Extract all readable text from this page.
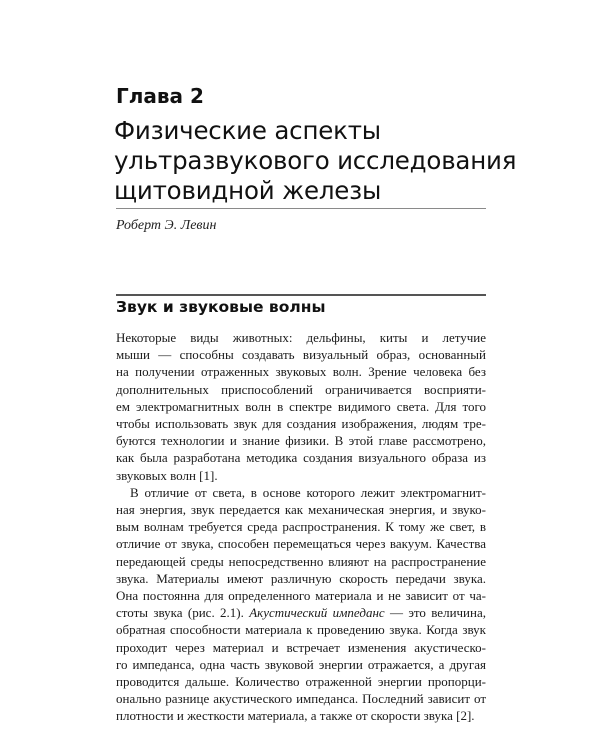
Глава 2
Физические аспекты
ультразвукового исследования
щитовидной железы
Роберт Э. Левин
Звук и звуковые волны
Некоторые виды животных: дельфины, киты и летучие
мыши — способны создавать визуальный образ, основанный
на получении отраженных звуковых волн. Зрение человека без
дополнительных приспособлений ограничивается восприяти-
ем электромагнитных волн в спектре видимого света. Для того
чтобы использовать звук для создания изображения, людям тре-
буются технологии и знание физики. В этой главе рассмотрено,
как была разработана методика создания визуального образа из
звуковых волн [1].
В отличие от света, в основе которого лежит электромагнит-
ная энергия, звук передается как механическая энергия, и звуко-
вым волнам требуется среда распространения. К тому же свет, в
отличие от звука, способен перемещаться через вакуум. Качества
передающей среды непосредственно влияют на распространение
звука. Материалы имеют различную скорость передачи звука.
Она постоянна для определенного материала и не зависит от ча-
стоты звука (рис. 2.1). Акустический импеданс — это величина,
обратная способности материала к проведению звука. Когда звук
проходит через материал и встречает изменения акустическо-
го импеданса, одна часть звуковой энергии отражается, а другая
проводится дальше. Количество отраженной энергии пропорци-
онально разнице акустического импеданса. Последний зависит от
плотности и жесткости материала, а также от скорости звука [2].
